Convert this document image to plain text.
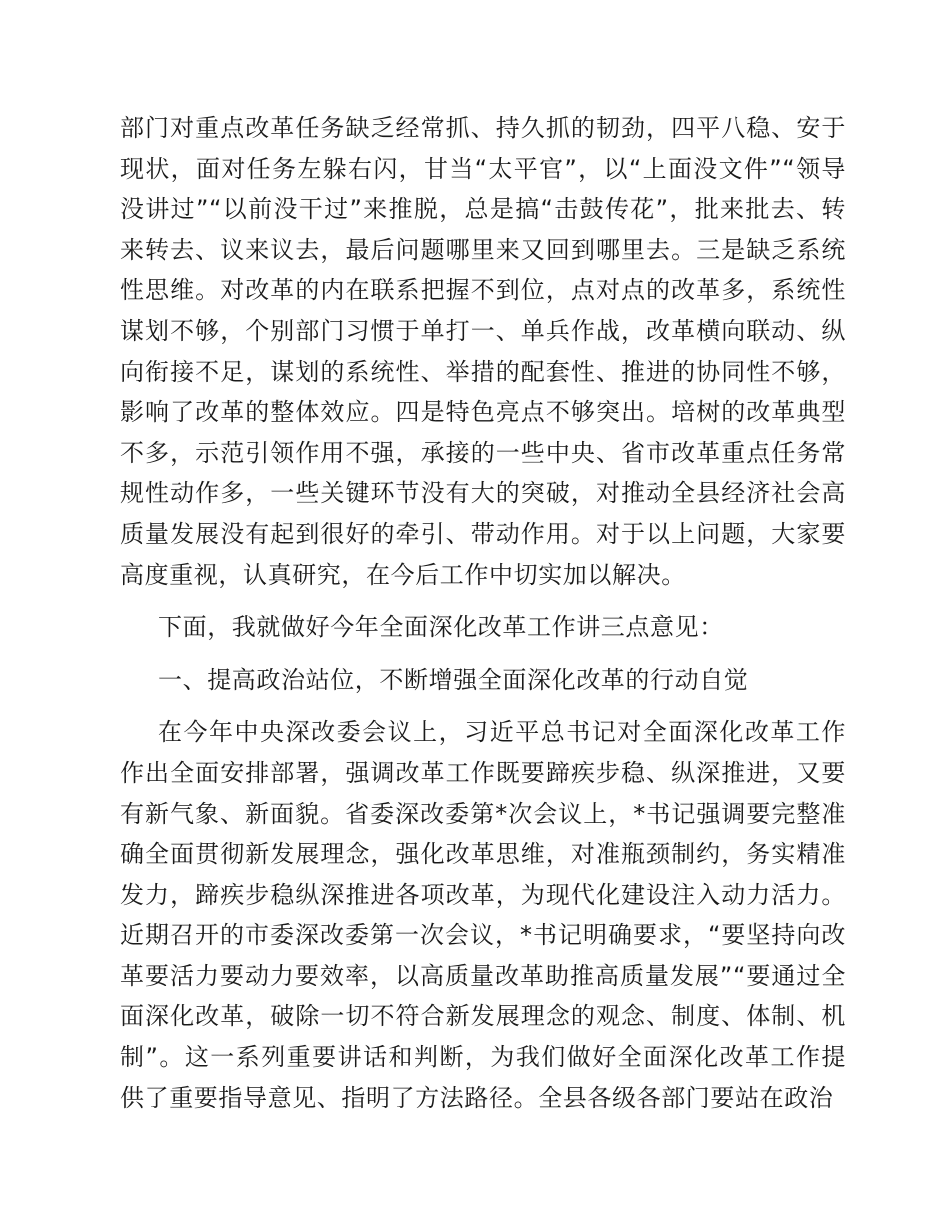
部门对重点改革任务缺乏经常抓、持久抓的韧劲，四平八稳、安于现状，面对任务左躲右闪，甘当“太平官”，以“上面没文件”“领导没讲过”“以前没干过”来推脱，总是搞“击鼓传花”，批来批去、转来转去、议来议去，最后问题哪里来又回到哪里去。三是缺乏系统性思维。对改革的内在联系把握不到位，点对点的改革多，系统性谋划不够，个别部门习惯于单打一、单兵作战，改革横向联动、纵向衔接不足，谋划的系统性、举措的配套性、推进的协同性不够，影响了改革的整体效应。四是特色亮点不够突出。培树的改革典型不多，示范引领作用不强，承接的一些中央、省市改革重点任务常规性动作多，一些关键环节没有大的突破，对推动全县经济社会高质量发展没有起到很好的牵引、带动作用。对于以上问题，大家要高度重视，认真研究，在今后工作中切实加以解决。

下面，我就做好今年全面深化改革工作讲三点意见：

一、提高政治站位，不断增强全面深化改革的行动自觉

在今年中央深改委会议上，习近平总书记对全面深化改革工作作出全面安排部署，强调改革工作既要蹄疾步稳、纵深推进，又要有新气象、新面貌。省委深改委第*次会议上，*书记强调要完整准确全面贯彻新发展理念，强化改革思维，对准瓶颈制约，务实精准发力，蹄疾步稳纵深推进各项改革，为现代化建设注入动力活力。近期召开的市委深改委第一次会议，*书记明确要求，“要坚持向改革要活力要动力要效率，以高质量改革助推高质量发展”“要通过全面深化改革，破除一切不符合新发展理念的观念、制度、体制、机制”。这一系列重要讲话和判断，为我们做好全面深化改革工作提供了重要指导意见、指明了方法路径。全县各级各部门要站在政治
